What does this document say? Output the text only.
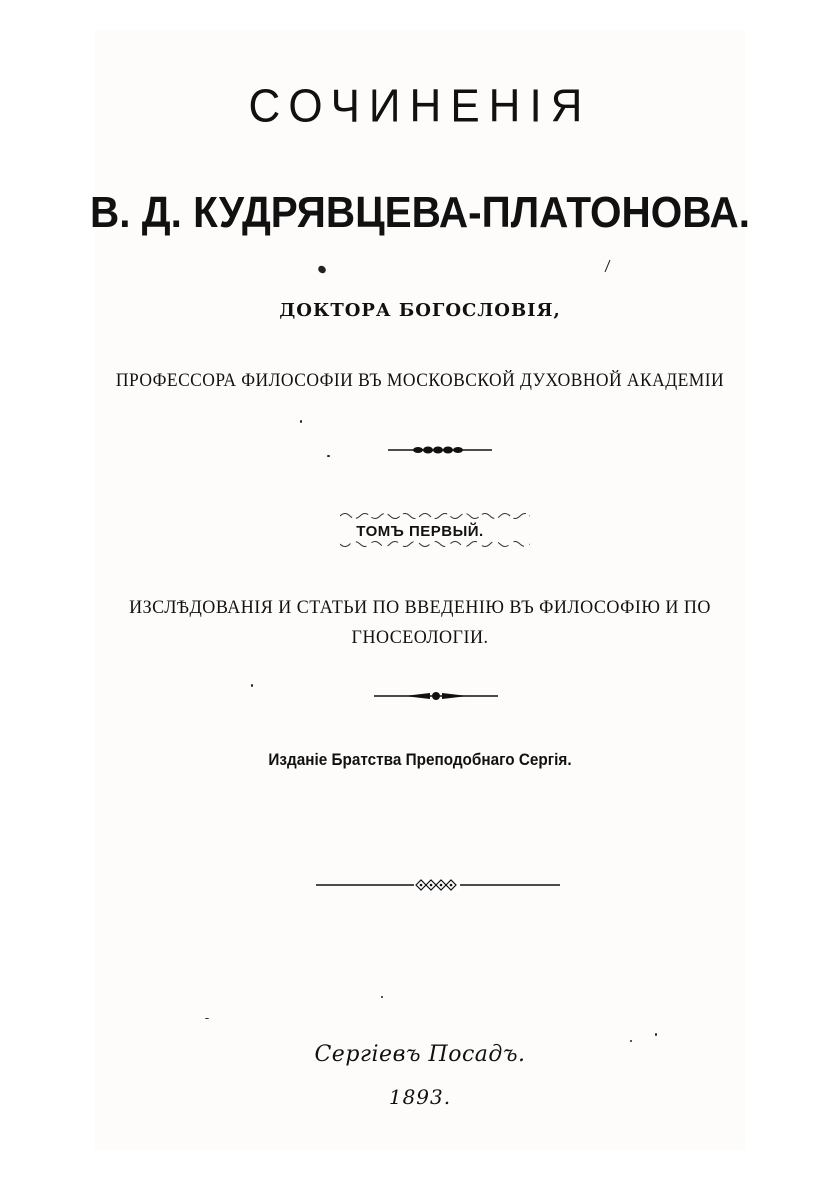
СОЧИНЕНІЯ
В. Д. КУДРЯВЦЕВА-ПЛАТОНОВА.
ДОКТОРА БОГОСЛОВІЯ,
ПРОФЕССОРА ФИЛОСОФІИ ВЪ МОСКОВСКОЙ ДУХОВНОЙ АКАДЕМІИ
ТОМЪ ПЕРВЫЙ.
ИЗСЛѢДОВАНІЯ И СТАТЬИ ПО ВВЕДЕНІЮ ВЪ ФИЛОСОФІЮ И ПО
ГНОСЕОЛОГІИ.
Изданіе Братства Преподобнаго Сергія.
Сергіевъ Посадъ.
1893.
